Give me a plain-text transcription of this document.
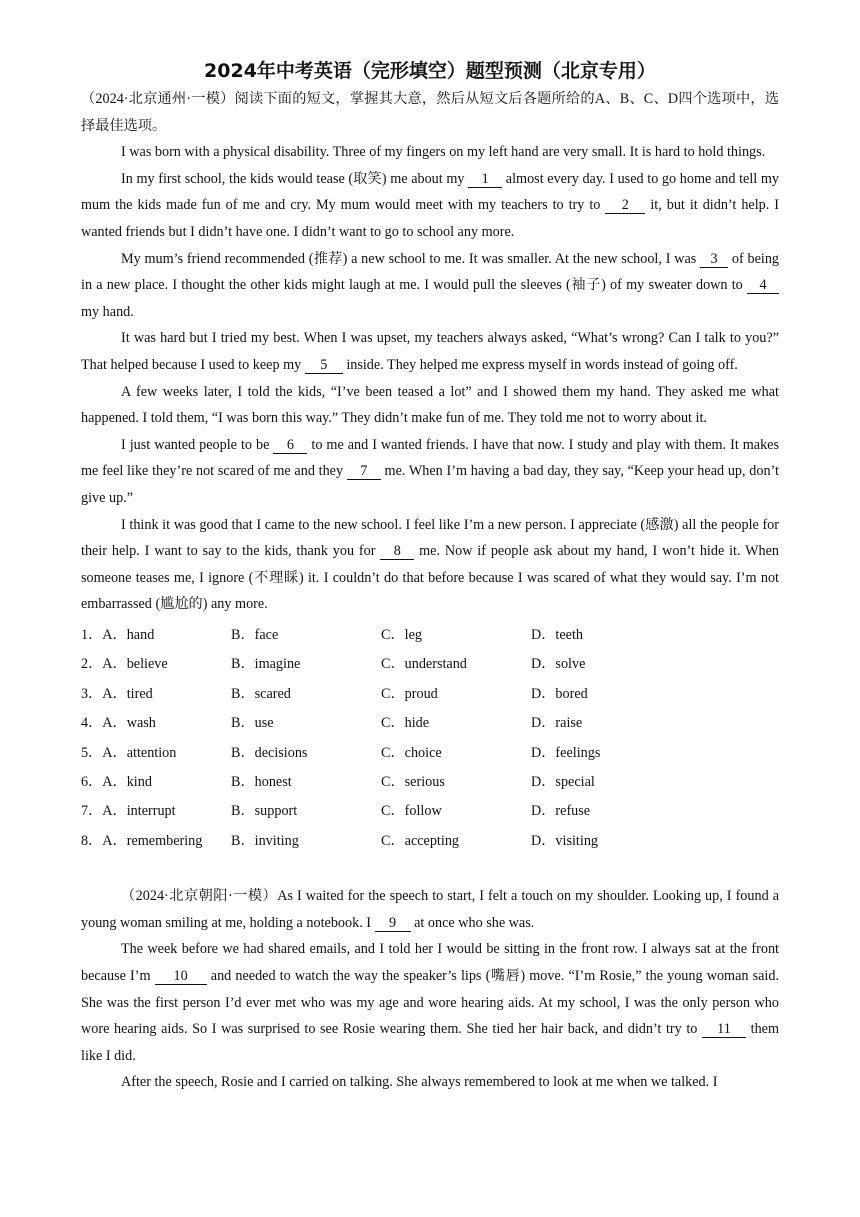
2024年中考英语（完形填空）题型预测（北京专用）

（2024·北京通州·一模）阅读下面的短文，掌握其大意，然后从短文后各题所给的A、B、C、D四个选项中，选择最佳选项。

I was born with a physical disability. Three of my fingers on my left hand are very small. It is hard to hold things.

In my first school, the kids would tease (取笑) me about my 1 almost every day. I used to go home and tell my mum the kids made fun of me and cry. My mum would meet with my teachers to try to 2 it, but it didn’t help. I wanted friends but I didn’t have one. I didn’t want to go to school any more.

My mum’s friend recommended (推荐) a new school to me. It was smaller. At the new school, I was 3 of being in a new place. I thought the other kids might laugh at me. I would pull the sleeves (袖子) of my sweater down to 4 my hand.

It was hard but I tried my best. When I was upset, my teachers always asked, “What’s wrong? Can I talk to you?” That helped because I used to keep my 5 inside. They helped me express myself in words instead of going off.

A few weeks later, I told the kids, “I’ve been teased a lot” and I showed them my hand. They asked me what happened. I told them, “I was born this way.” They didn’t make fun of me. They told me not to worry about it.

I just wanted people to be 6 to me and I wanted friends. I have that now. I study and play with them. It makes me feel like they’re not scared of me and they 7 me. When I’m having a bad day, they say, “Keep your head up, don’t give up.”

I think it was good that I came to the new school. I feel like I’m a new person. I appreciate (感激) all the people for their help. I want to say to the kids, thank you for 8 me. Now if people ask about my hand, I won’t hide it. When someone teases me, I ignore (不理睬) it. I couldn’t do that before because I was scared of what they would say. I’m not embarrassed (尴尬的) any more.

1．A．hand	B．face	C．leg	D．teeth
2．A．believe	B．imagine	C．understand	D．solve
3．A．tired	B．scared	C．proud	D．bored
4．A．wash	B．use	C．hide	D．raise
5．A．attention	B．decisions	C．choice	D．feelings
6．A．kind	B．honest	C．serious	D．special
7．A．interrupt	B．support	C．follow	D．refuse
8．A．remembering	B．inviting	C．accepting	D．visiting

（2024·北京朝阳·一模）As I waited for the speech to start, I felt a touch on my shoulder. Looking up, I found a young woman smiling at me, holding a notebook. I 9 at once who she was.

The week before we had shared emails, and I told her I would be sitting in the front row. I always sat at the front because I’m 10 and needed to watch the way the speaker’s lips (嘴唇) move. “I’m Rosie,” the young woman said. She was the first person I’d ever met who was my age and wore hearing aids. At my school, I was the only person who wore hearing aids. So I was surprised to see Rosie wearing them. She tied her hair back, and didn’t try to 11 them like I did.

After the speech, Rosie and I carried on talking. She always remembered to look at me when we talked. I
